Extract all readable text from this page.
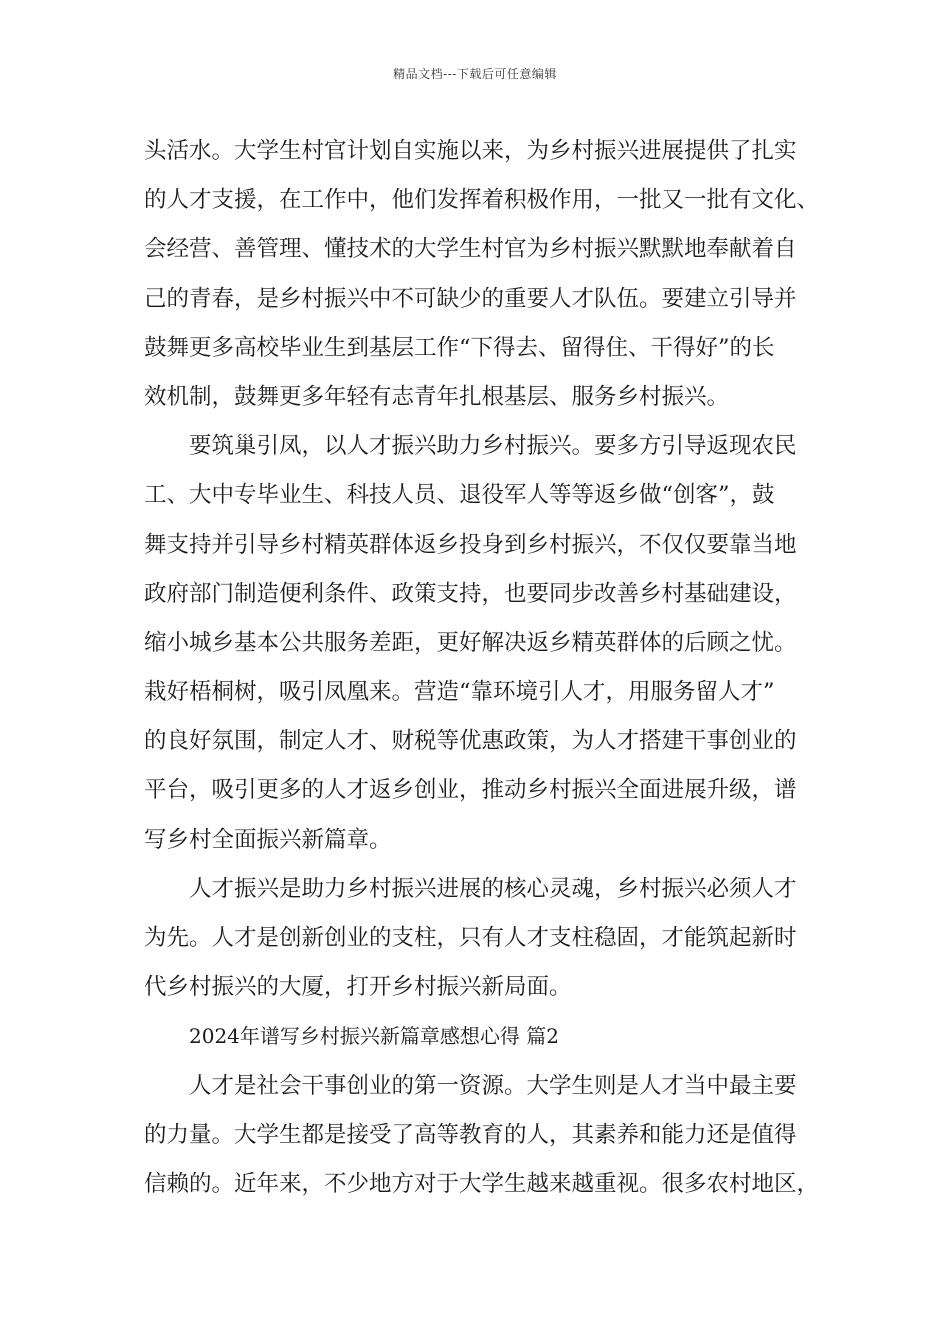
精品文档---下载后可任意编辑
头活水。大学生村官计划自实施以来，为乡村振兴进展提供了扎实
的人才支援，在工作中，他们发挥着积极作用，一批又一批有文化、
会经营、善管理、懂技术的大学生村官为乡村振兴默默地奉献着自
己的青春，是乡村振兴中不可缺少的重要人才队伍。要建立引导并
鼓舞更多高校毕业生到基层工作“下得去、留得住、干得好”的长
效机制，鼓舞更多年轻有志青年扎根基层、服务乡村振兴。
要筑巢引凤，以人才振兴助力乡村振兴。要多方引导返现农民
工、大中专毕业生、科技人员、退役军人等等返乡做“创客”，鼓
舞支持并引导乡村精英群体返乡投身到乡村振兴，不仅仅要靠当地
政府部门制造便利条件、政策支持，也要同步改善乡村基础建设，
缩小城乡基本公共服务差距，更好解决返乡精英群体的后顾之忧。
栽好梧桐树，吸引凤凰来。营造“靠环境引人才，用服务留人才”
的良好氛围，制定人才、财税等优惠政策，为人才搭建干事创业的
平台，吸引更多的人才返乡创业，推动乡村振兴全面进展升级，谱
写乡村全面振兴新篇章。
人才振兴是助力乡村振兴进展的核心灵魂，乡村振兴必须人才
为先。人才是创新创业的支柱，只有人才支柱稳固，才能筑起新时
代乡村振兴的大厦，打开乡村振兴新局面。
2024年谱写乡村振兴新篇章感想心得 篇2
人才是社会干事创业的第一资源。大学生则是人才当中最主要
的力量。大学生都是接受了高等教育的人，其素养和能力还是值得
信赖的。近年来，不少地方对于大学生越来越重视。很多农村地区，
